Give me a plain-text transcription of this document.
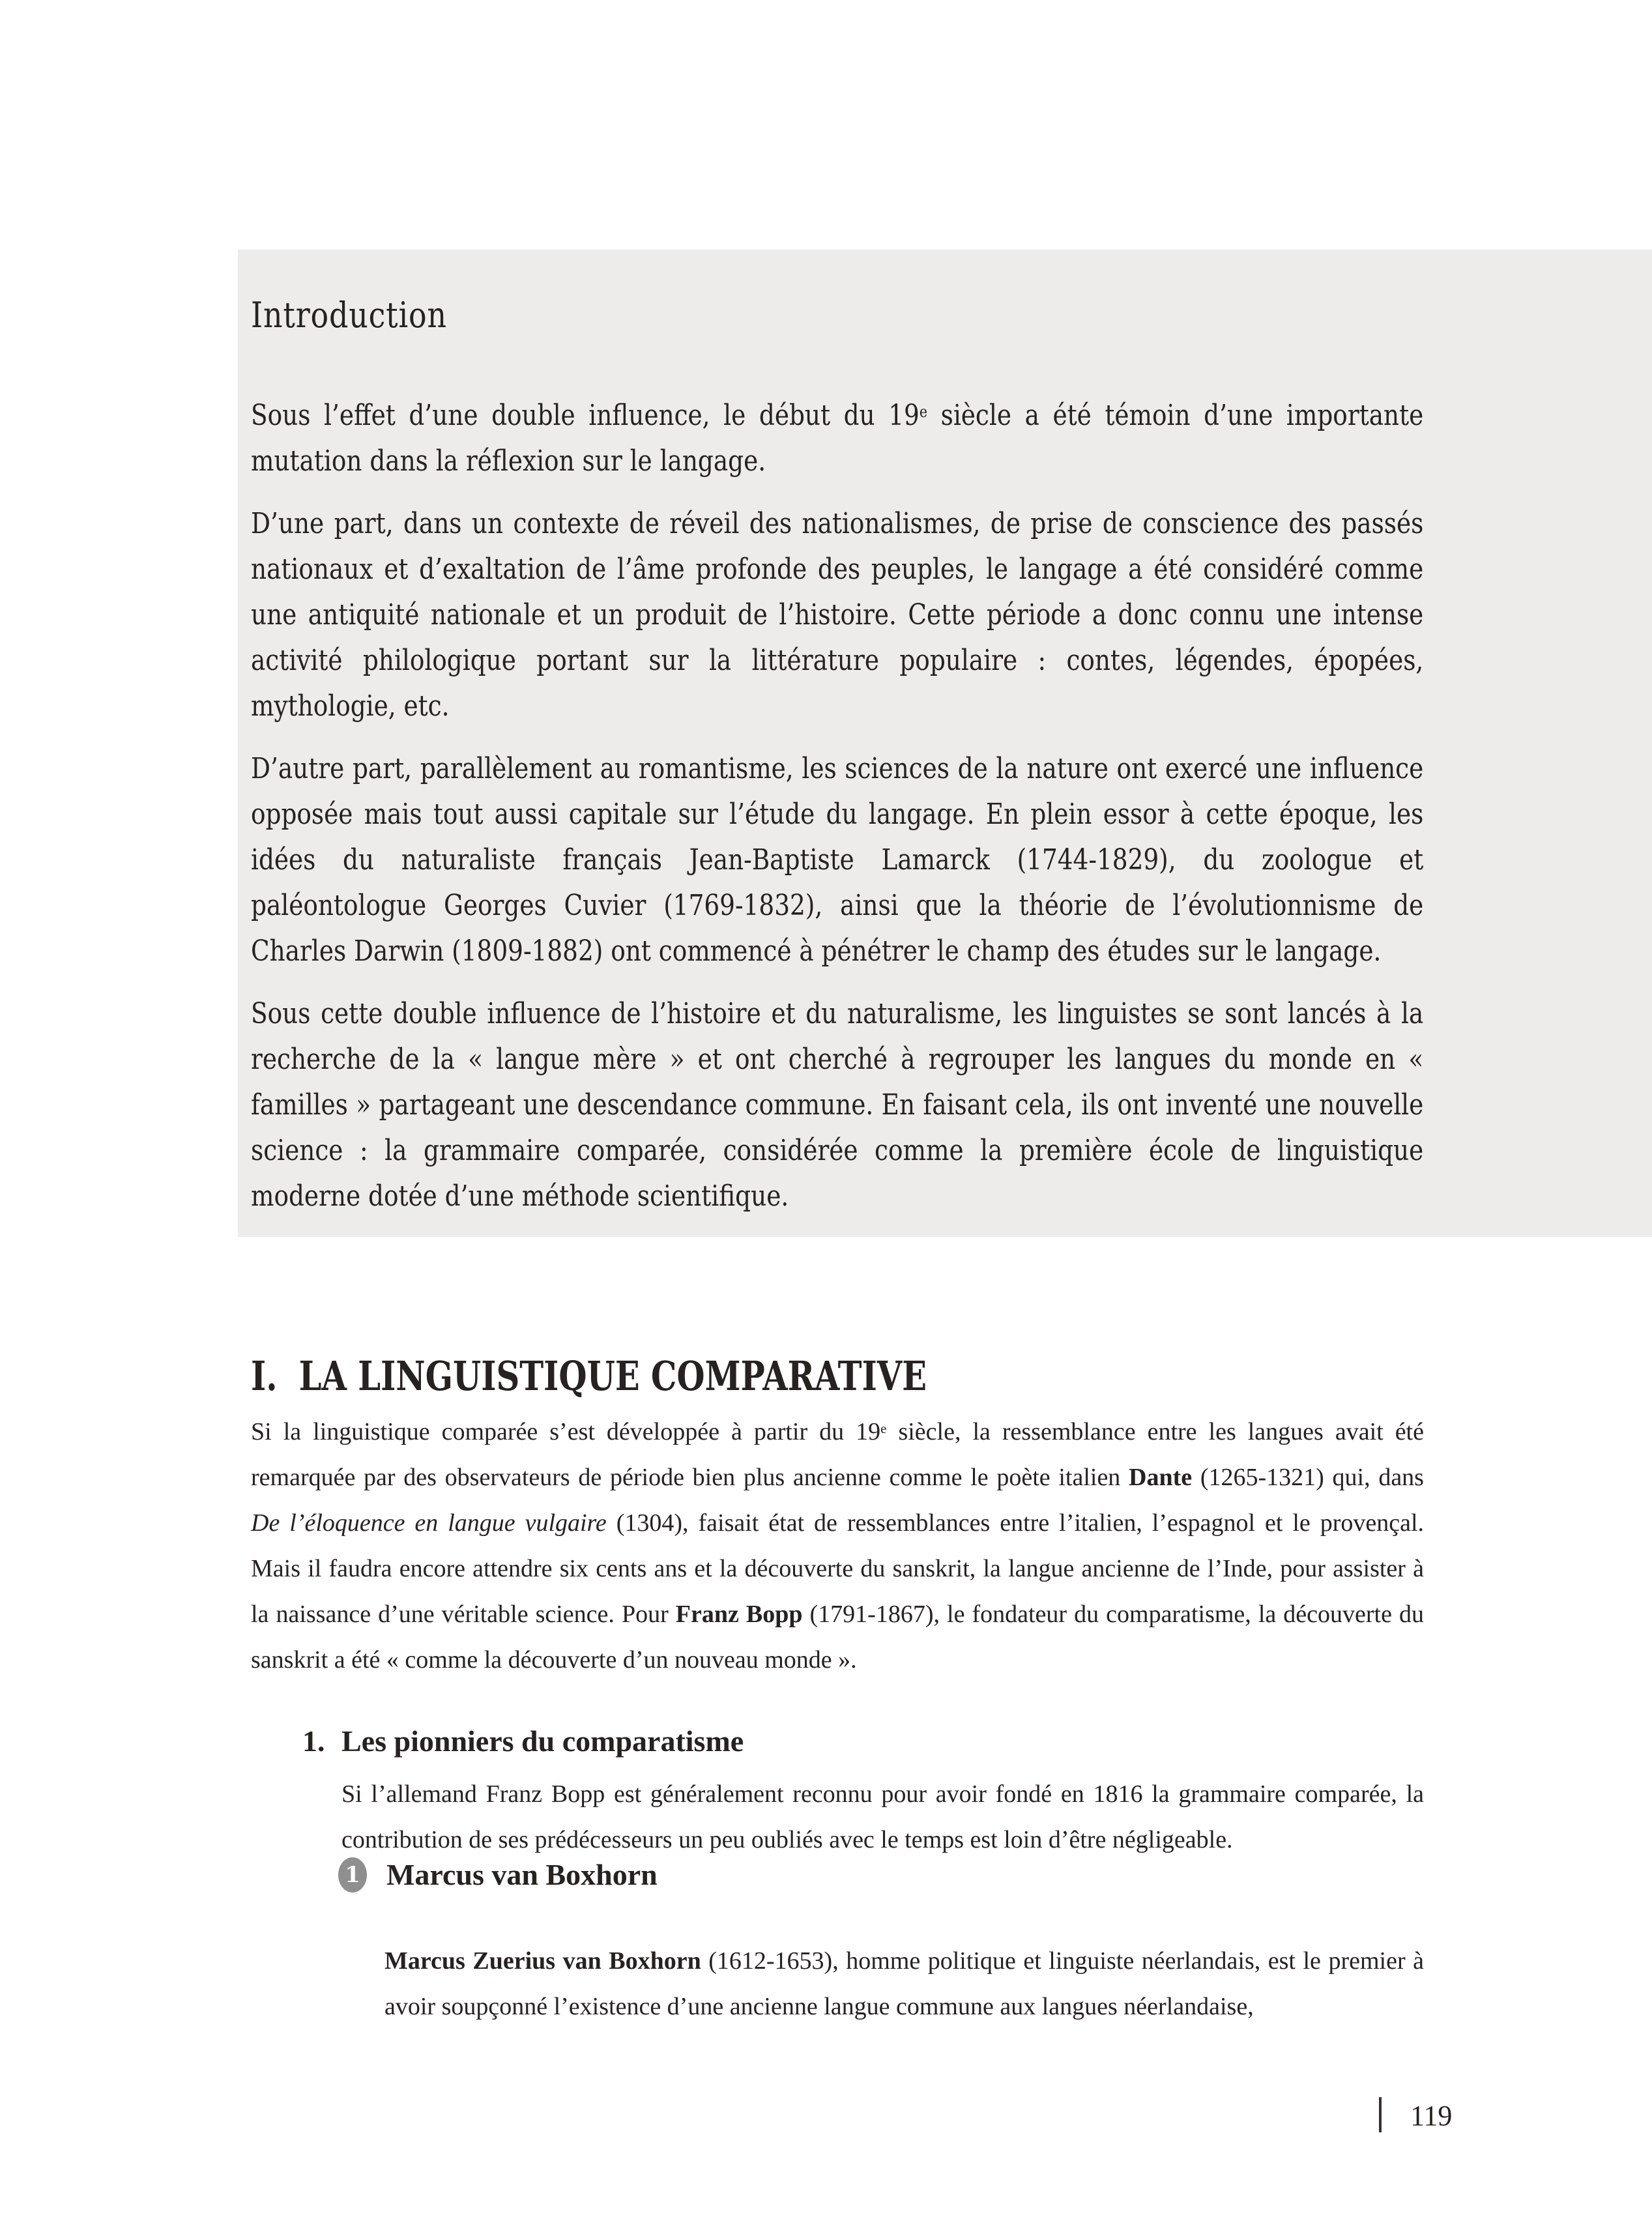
Introduction

Sous l’effet d’une double influence, le début du 19e siècle a été témoin d’une importante mutation dans la réflexion sur le langage.

D’une part, dans un contexte de réveil des nationalismes, de prise de conscience des passés nationaux et d’exaltation de l’âme profonde des peuples, le langage a été considéré comme une antiquité nationale et un produit de l’histoire. Cette période a donc connu une intense activité philologique portant sur la littérature populaire : contes, légendes, épopées, mythologie, etc.

D’autre part, parallèlement au romantisme, les sciences de la nature ont exercé une influence opposée mais tout aussi capitale sur l’étude du langage. En plein essor à cette époque, les idées du naturaliste français Jean-Baptiste Lamarck (1744-1829), du zoologue et paléontologue Georges Cuvier (1769-1832), ainsi que la théorie de l’évolutionnisme de Charles Darwin (1809-1882) ont commencé à pénétrer le champ des études sur le langage.

Sous cette double influence de l’histoire et du naturalisme, les linguistes se sont lancés à la recherche de la « langue mère » et ont cherché à regrouper les langues du monde en « familles » partageant une descendance commune. En faisant cela, ils ont inventé une nouvelle science : la grammaire comparée, considérée comme la première école de linguistique moderne dotée d’une méthode scientifique.

I. LA LINGUISTIQUE COMPARATIVE

Si la linguistique comparée s’est développée à partir du 19e siècle, la ressemblance entre les langues avait été remarquée par des observateurs de période bien plus ancienne comme le poète italien Dante (1265-1321) qui, dans De l’éloquence en langue vulgaire (1304), faisait état de ressemblances entre l’italien, l’espagnol et le provençal. Mais il faudra encore attendre six cents ans et la découverte du sanskrit, la langue ancienne de l’Inde, pour assister à la naissance d’une véritable science. Pour Franz Bopp (1791-1867), le fondateur du comparatisme, la découverte du sanskrit a été « comme la découverte d’un nouveau monde ».

1. Les pionniers du comparatisme

Si l’allemand Franz Bopp est généralement reconnu pour avoir fondé en 1816 la grammaire comparée, la contribution de ses prédécesseurs un peu oubliés avec le temps est loin d’être négligeable.

1 Marcus van Boxhorn

Marcus Zuerius van Boxhorn (1612-1653), homme politique et linguiste néerlandais, est le premier à avoir soupçonné l’existence d’une ancienne langue commune aux langues néerlandaise,

119
